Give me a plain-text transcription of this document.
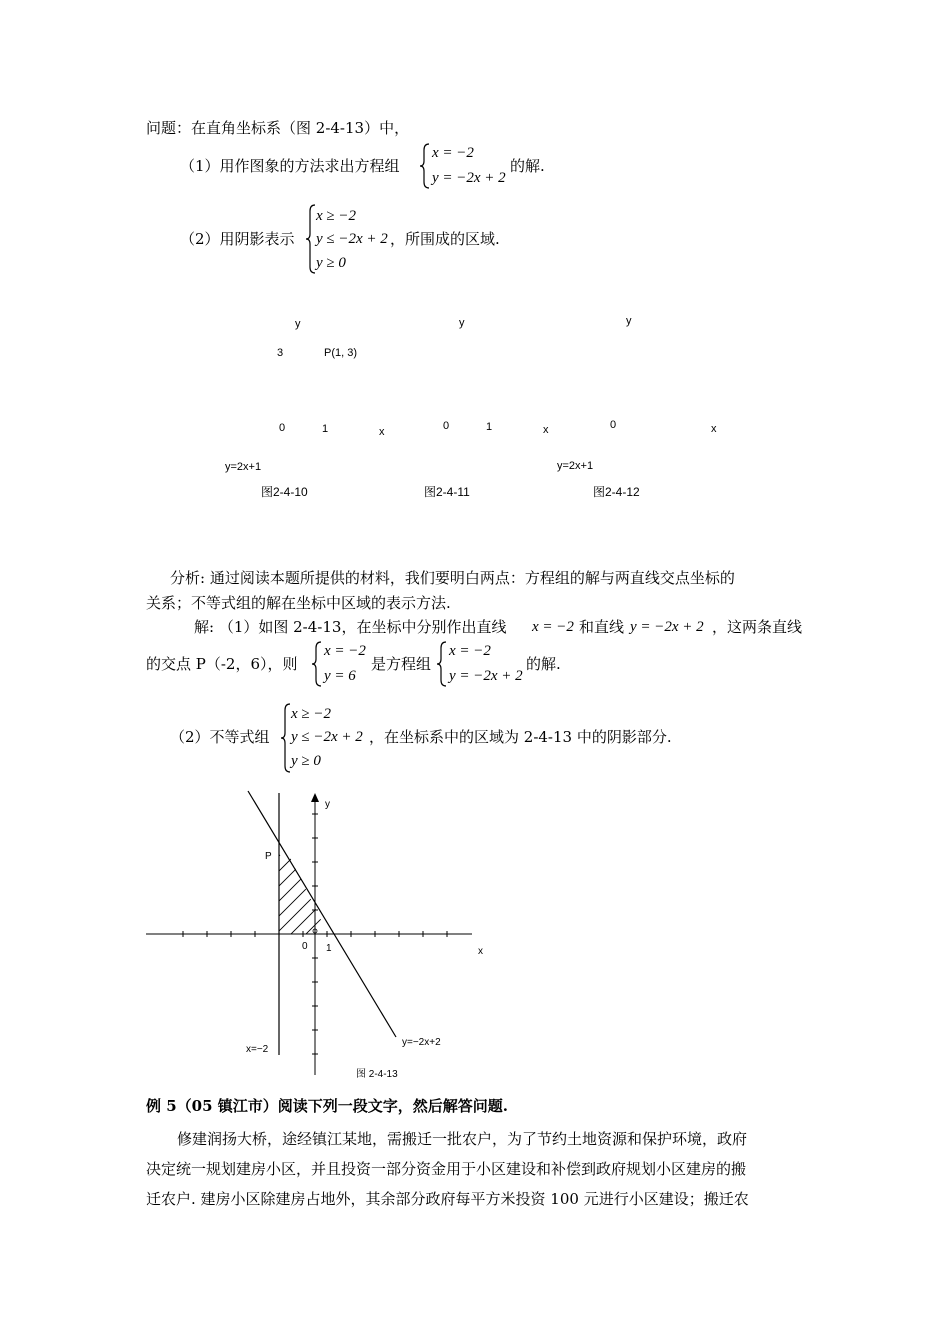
问题：在直角坐标系（图 2-4-13）中，
（1）用作图象的方法求出方程组
x = −2
y = −2x + 2
的解.
（2）用阴影表示
x ≥ −2
y ≤ −2x + 2
y ≥ 0
，所围成的区域.
y
3	P(1, 3)
0	1	x
y=2x+1
图2-4-10
y
0	1	x
图2-4-11
y
0	x
y=2x+1
图2-4-12
分析: 通过阅读本题所提供的材料，我们要明白两点：方程组的解与两直线交点坐标的
关系；不等式组的解在坐标中区域的表示方法.
解: （1）如图 2-4-13，在坐标中分别作出直线 x = −2 和直线 y = −2x + 2 ，这两条直线
的交点 P（-2，6），则
x = −2
y = 6
是方程组
x = −2
y = −2x + 2
的解.
（2）不等式组
x ≥ −2
y ≤ −2x + 2
y ≥ 0
，在坐标系中的区域为 2-4-13 中的阴影部分.
y
x
P
0 1
x=−2
y=−2x+2
图 2-4-13
例 5（05 镇江市）阅读下列一段文字，然后解答问题.
修建润扬大桥，途经镇江某地，需搬迁一批农户，为了节约土地资源和保护环境，政府
决定统一规划建房小区，并且投资一部分资金用于小区建设和补偿到政府规划小区建房的搬
迁农户. 建房小区除建房占地外，其余部分政府每平方米投资 100 元进行小区建设；搬迁农
